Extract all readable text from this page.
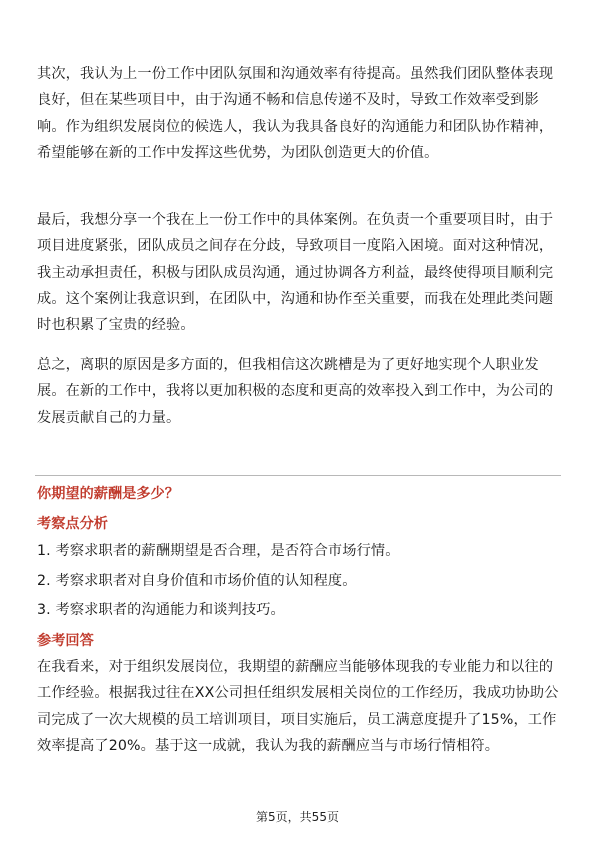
其次，我认为上一份工作中团队氛围和沟通效率有待提高。虽然我们团队整体表现良好，但在某些项目中，由于沟通不畅和信息传递不及时，导致工作效率受到影响。作为组织发展岗位的候选人，我认为我具备良好的沟通能力和团队协作精神，希望能够在新的工作中发挥这些优势，为团队创造更大的价值。

最后，我想分享一个我在上一份工作中的具体案例。在负责一个重要项目时，由于项目进度紧张，团队成员之间存在分歧，导致项目一度陷入困境。面对这种情况，我主动承担责任，积极与团队成员沟通，通过协调各方利益，最终使得项目顺利完成。这个案例让我意识到，在团队中，沟通和协作至关重要，而我在处理此类问题时也积累了宝贵的经验。

总之，离职的原因是多方面的，但我相信这次跳槽是为了更好地实现个人职业发展。在新的工作中，我将以更加积极的态度和更高的效率投入到工作中，为公司的发展贡献自己的力量。

你期望的薪酬是多少？

考察点分析

1. 考察求职者的薪酬期望是否合理，是否符合市场行情。
2. 考察求职者对自身价值和市场价值的认知程度。
3. 考察求职者的沟通能力和谈判技巧。

参考回答

在我看来，对于组织发展岗位，我期望的薪酬应当能够体现我的专业能力和以往的工作经验。根据我过往在XX公司担任组织发展相关岗位的工作经历，我成功协助公司完成了一次大规模的员工培训项目，项目实施后，员工满意度提升了15%，工作效率提高了20%。基于这一成就，我认为我的薪酬应当与市场行情相符。

第5页，共55页
